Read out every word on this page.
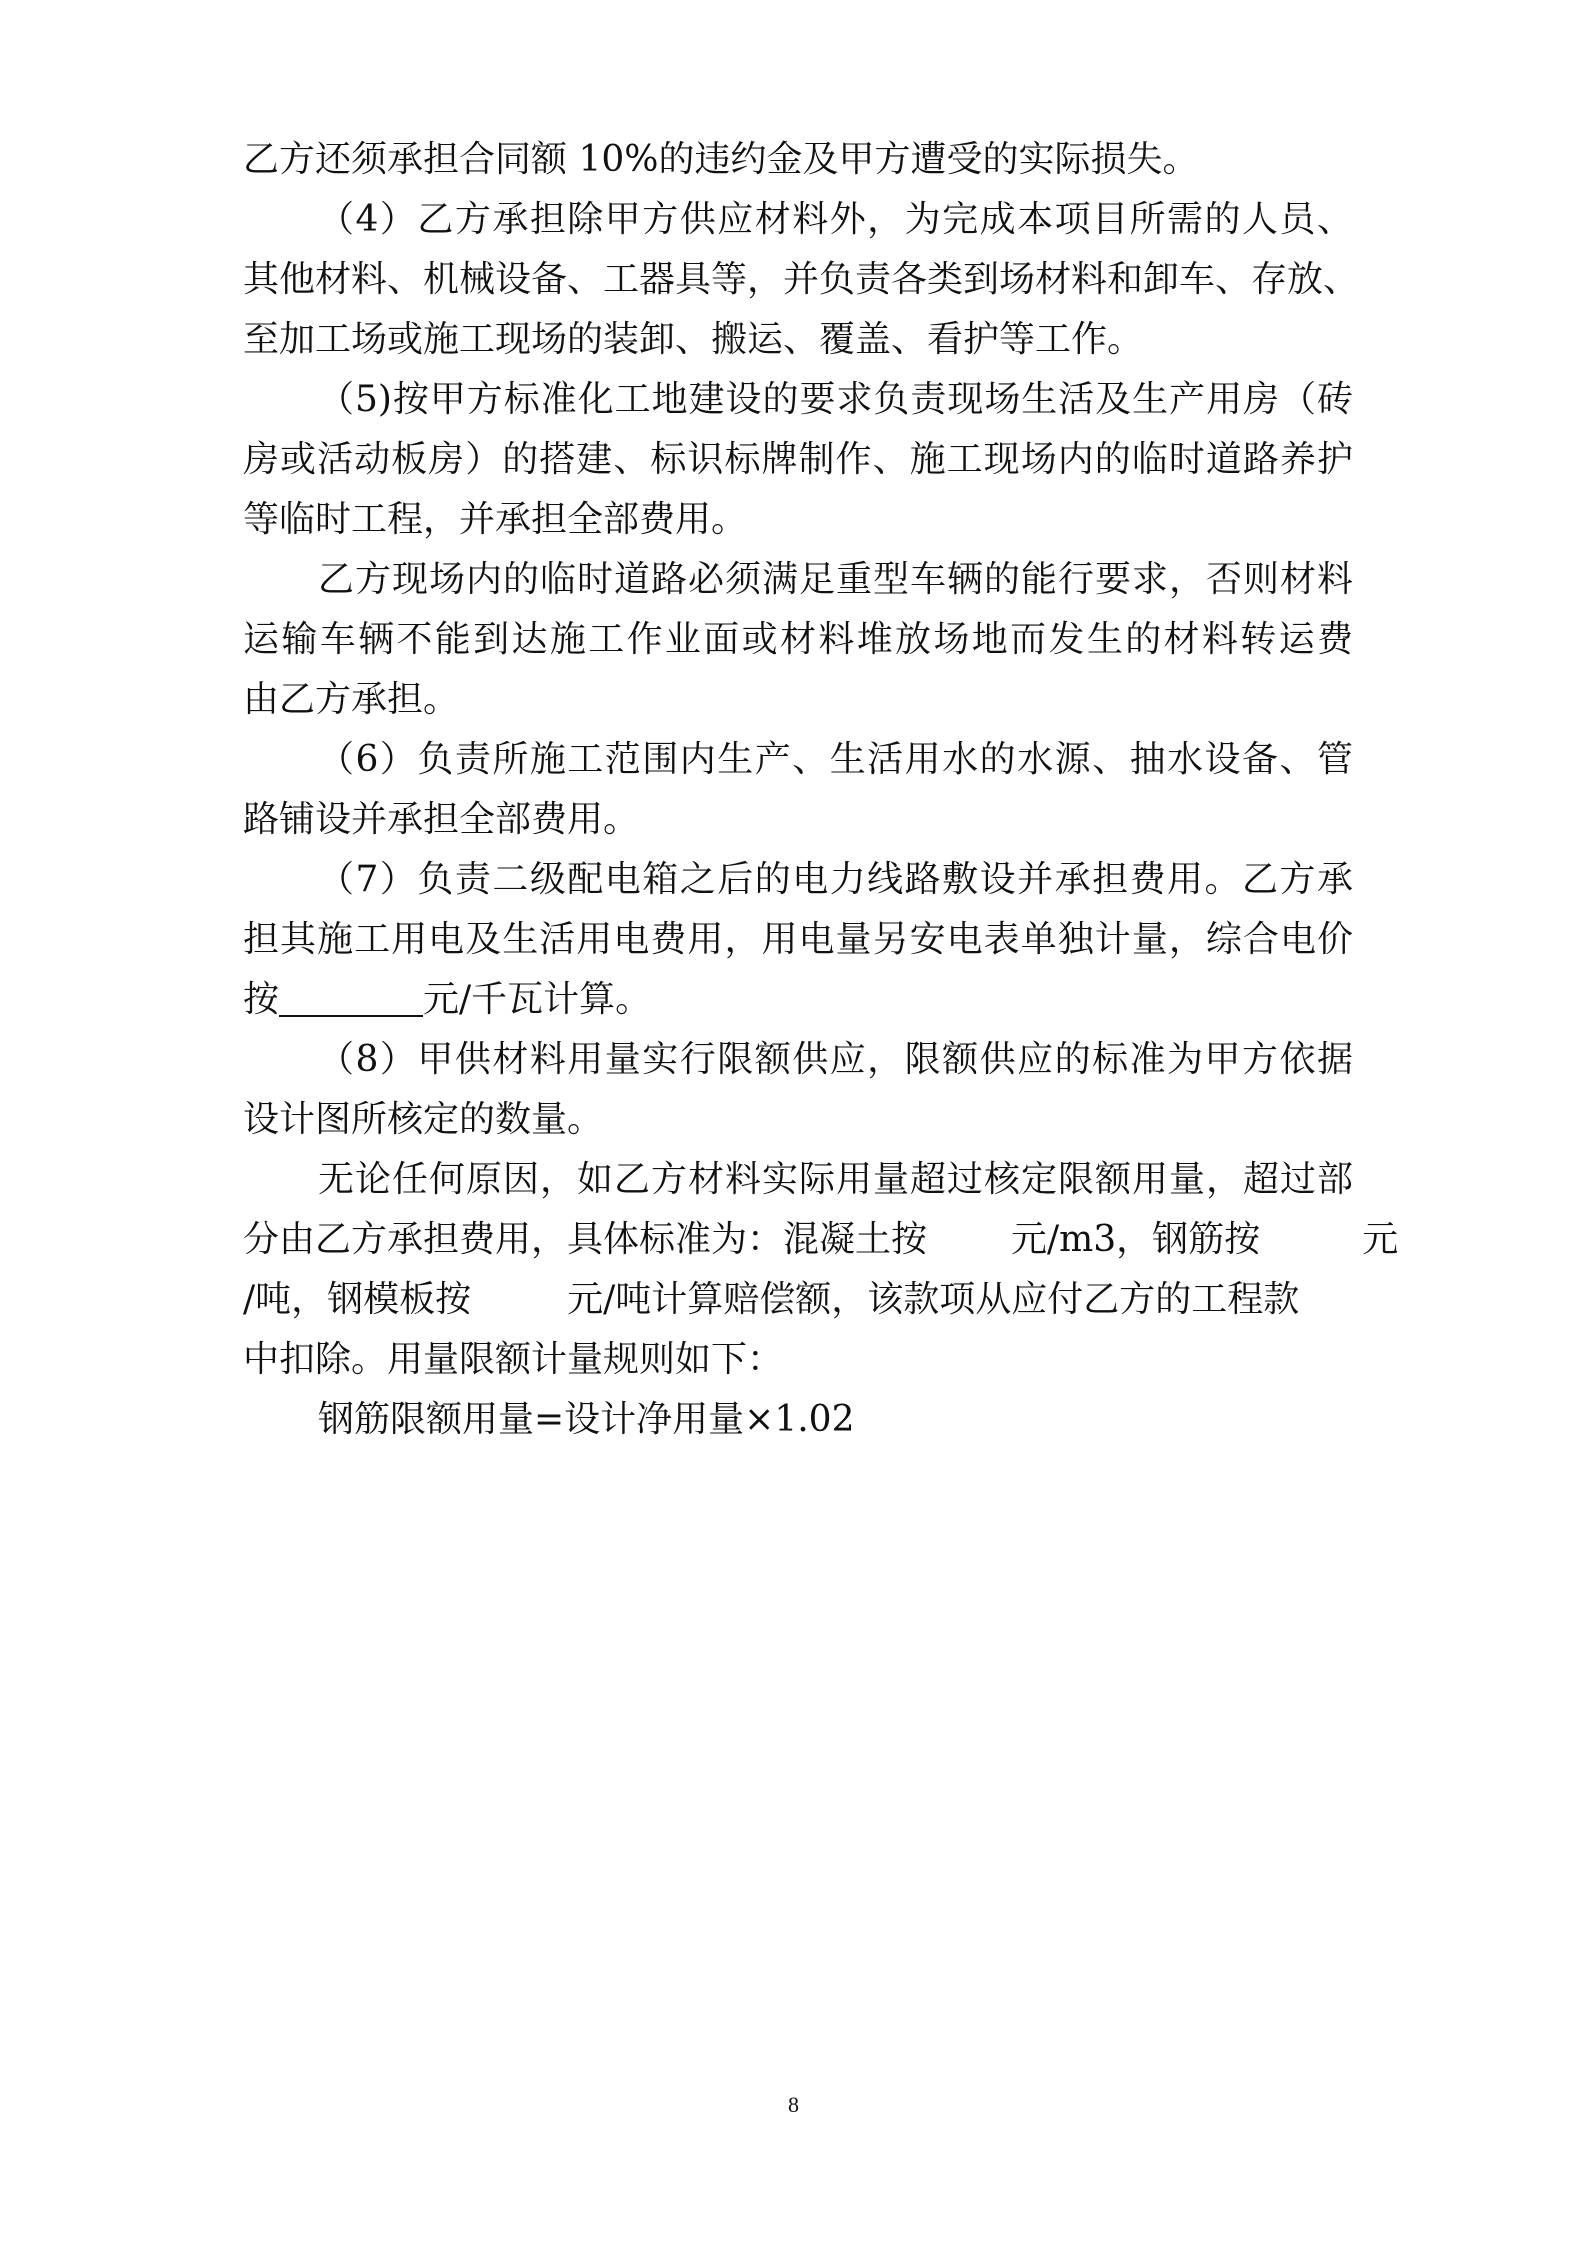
乙方还须承担合同额 10%的违约金及甲方遭受的实际损失。
（4）乙方承担除甲方供应材料外，为完成本项目所需的人员、
其他材料、机械设备、工器具等，并负责各类到场材料和卸车、存放、
至加工场或施工现场的装卸、搬运、覆盖、看护等工作。
（5)按甲方标准化工地建设的要求负责现场生活及生产用房（砖
房或活动板房）的搭建、标识标牌制作、施工现场内的临时道路养护
等临时工程，并承担全部费用。
乙方现场内的临时道路必须满足重型车辆的能行要求，否则材料
运输车辆不能到达施工作业面或材料堆放场地而发生的材料转运费
由乙方承担。
（6）负责所施工范围内生产、生活用水的水源、抽水设备、管
路铺设并承担全部费用。
（7）负责二级配电箱之后的电力线路敷设并承担费用。乙方承
担其施工用电及生活用电费用，用电量另安电表单独计量，综合电价
按	元/千瓦计算。
（8）甲供材料用量实行限额供应，限额供应的标准为甲方依据
设计图所核定的数量。
无论任何原因，如乙方材料实际用量超过核定限额用量，超过部
分由乙方承担费用，具体标准为：混凝土按 元/m3，钢筋按	元
/吨，钢模板按	元/吨计算赔偿额，该款项从应付乙方的工程款
中扣除。用量限额计量规则如下：
钢筋限额用量=设计净用量×1.02
8
